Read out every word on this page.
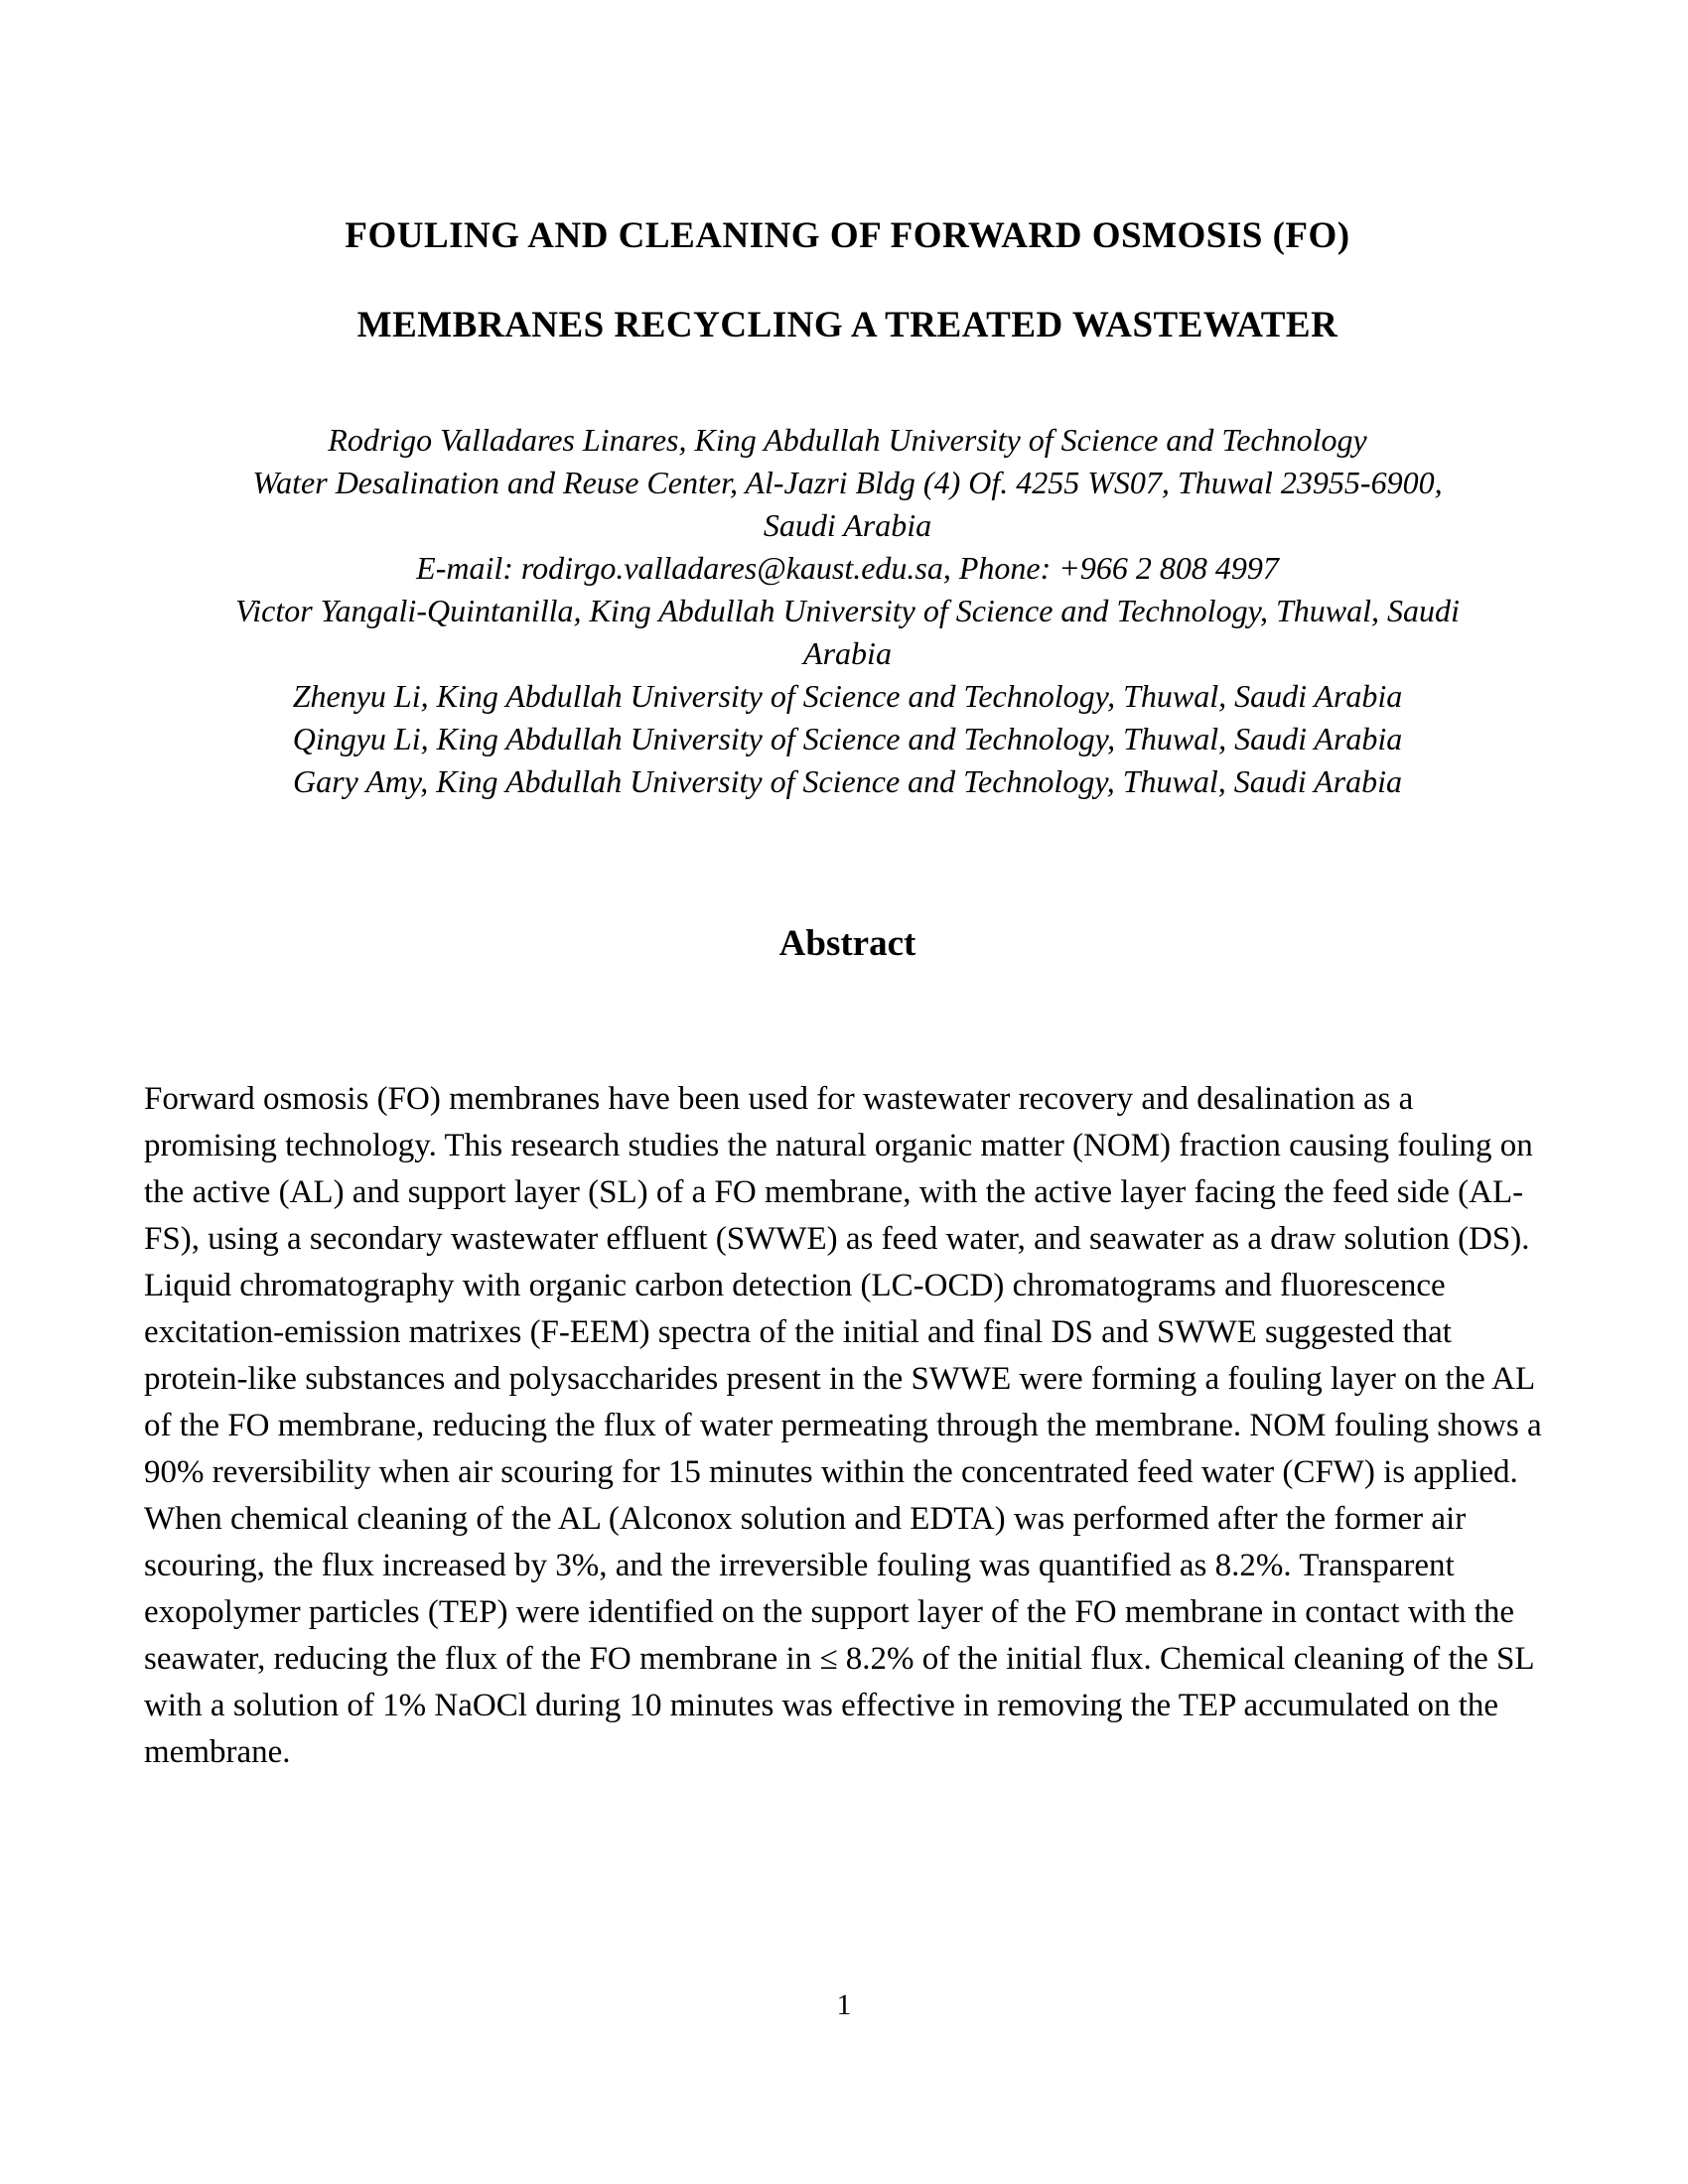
FOULING AND CLEANING OF FORWARD OSMOSIS (FO)
MEMBRANES RECYCLING A TREATED WASTEWATER
Rodrigo Valladares Linares, King Abdullah University of Science and Technology
Water Desalination and Reuse Center, Al-Jazri Bldg (4) Of. 4255 WS07, Thuwal 23955-6900,
Saudi Arabia
E-mail: rodirgo.valladares@kaust.edu.sa, Phone: +966 2 808 4997
Victor Yangali-Quintanilla, King Abdullah University of Science and Technology, Thuwal, Saudi
Arabia
Zhenyu Li, King Abdullah University of Science and Technology, Thuwal, Saudi Arabia
Qingyu Li, King Abdullah University of Science and Technology, Thuwal, Saudi Arabia
Gary Amy, King Abdullah University of Science and Technology, Thuwal, Saudi Arabia
Abstract
Forward osmosis (FO) membranes have been used for wastewater recovery and desalination as a promising technology. This research studies the natural organic matter (NOM) fraction causing fouling on the active (AL) and support layer (SL) of a FO membrane, with the active layer facing the feed side (AL-FS), using a secondary wastewater effluent (SWWE) as feed water, and seawater as a draw solution (DS). Liquid chromatography with organic carbon detection (LC-OCD) chromatograms and fluorescence excitation-emission matrixes (F-EEM) spectra of the initial and final DS and SWWE suggested that protein-like substances and polysaccharides present in the SWWE were forming a fouling layer on the AL of the FO membrane, reducing the flux of water permeating through the membrane. NOM fouling shows a 90% reversibility when air scouring for 15 minutes within the concentrated feed water (CFW) is applied. When chemical cleaning of the AL (Alconox solution and EDTA) was performed after the former air scouring, the flux increased by 3%, and the irreversible fouling was quantified as 8.2%. Transparent exopolymer particles (TEP) were identified on the support layer of the FO membrane in contact with the seawater, reducing the flux of the FO membrane in ≤ 8.2% of the initial flux. Chemical cleaning of the SL with a solution of 1% NaOCl during 10 minutes was effective in removing the TEP accumulated on the membrane.
1
